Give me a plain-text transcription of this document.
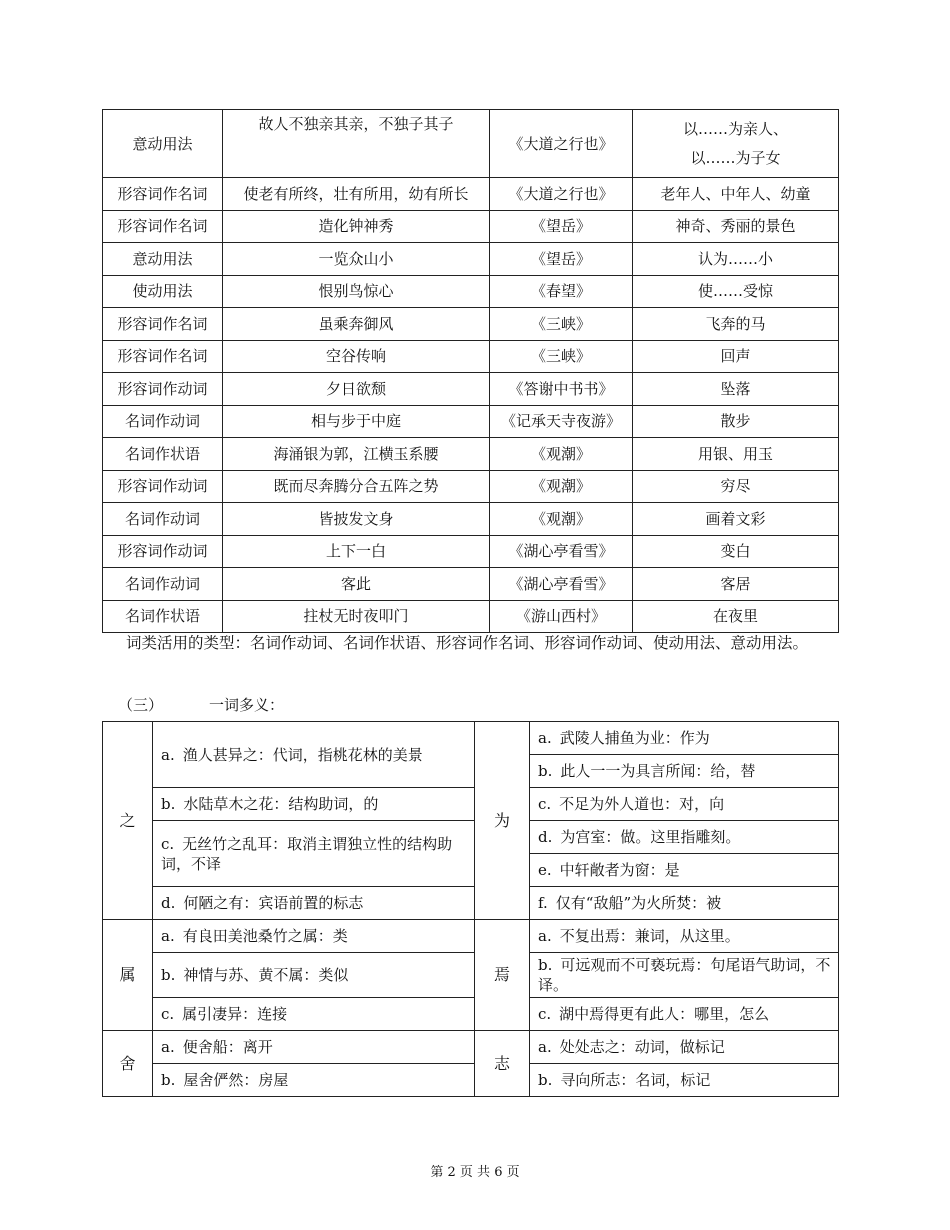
意动用法	故人不独亲其亲，不独子其子	《大道之行也》	以……为亲人、
以……为子女

形容词作名词	使老有所终，壮有所用，幼有所长	《大道之行也》	老年人、中年人、幼童
形容词作名词	造化钟神秀	《望岳》	神奇、秀丽的景色
意动用法	一览众山小	《望岳》	认为……小
使动用法	恨别鸟惊心	《春望》	使……受惊
形容词作名词	虽乘奔御风	《三峡》	飞奔的马
形容词作名词	空谷传响	《三峡》	回声
形容词作动词	夕日欲颓	《答谢中书书》	坠落
名词作动词	相与步于中庭	《记承天寺夜游》	散步
名词作状语	海涌银为郭，江横玉系腰	《观潮》	用银、用玉
形容词作动词	既而尽奔腾分合五阵之势	《观潮》	穷尽
名词作动词	皆披发文身	《观潮》	画着文彩
形容词作动词	上下一白	《湖心亭看雪》	变白
名词作动词	客此	《湖心亭看雪》	客居
名词作状语	拄杖无时夜叩门	《游山西村》	在夜里
词类活用的类型：名词作动词、名词作状语、形容词作名词、形容词作动词、使动用法、意动用法。
（三）	一词多义：
之	a. 渔人甚异之：代词，指桃花林的美景	为	a. 武陵人捕鱼为业：作为
			b. 此人一一为具言所闻：给，替
	b. 水陆草木之花：结构助词，的		c. 不足为外人道也：对，向
	c. 无丝竹之乱耳：取消主谓独立性的结构助词，不译		d. 为宫室：做。这里指雕刻。
			e. 中轩敞者为窗：是
	d. 何陋之有：宾语前置的标志		f. 仅有“敌船”为火所焚：被
属	a. 有良田美池桑竹之属：类	焉	a. 不复出焉：兼词，从这里。
	b. 神情与苏、黄不属：类似		b. 可远观而不可亵玩焉：句尾语气助词，不译。
	c. 属引凄异：连接		c. 湖中焉得更有此人：哪里，怎么
舍	a. 便舍船：离开	志	a. 处处志之：动词，做标记
	b. 屋舍俨然：房屋		b. 寻向所志：名词，标记
第 2 页 共 6 页
